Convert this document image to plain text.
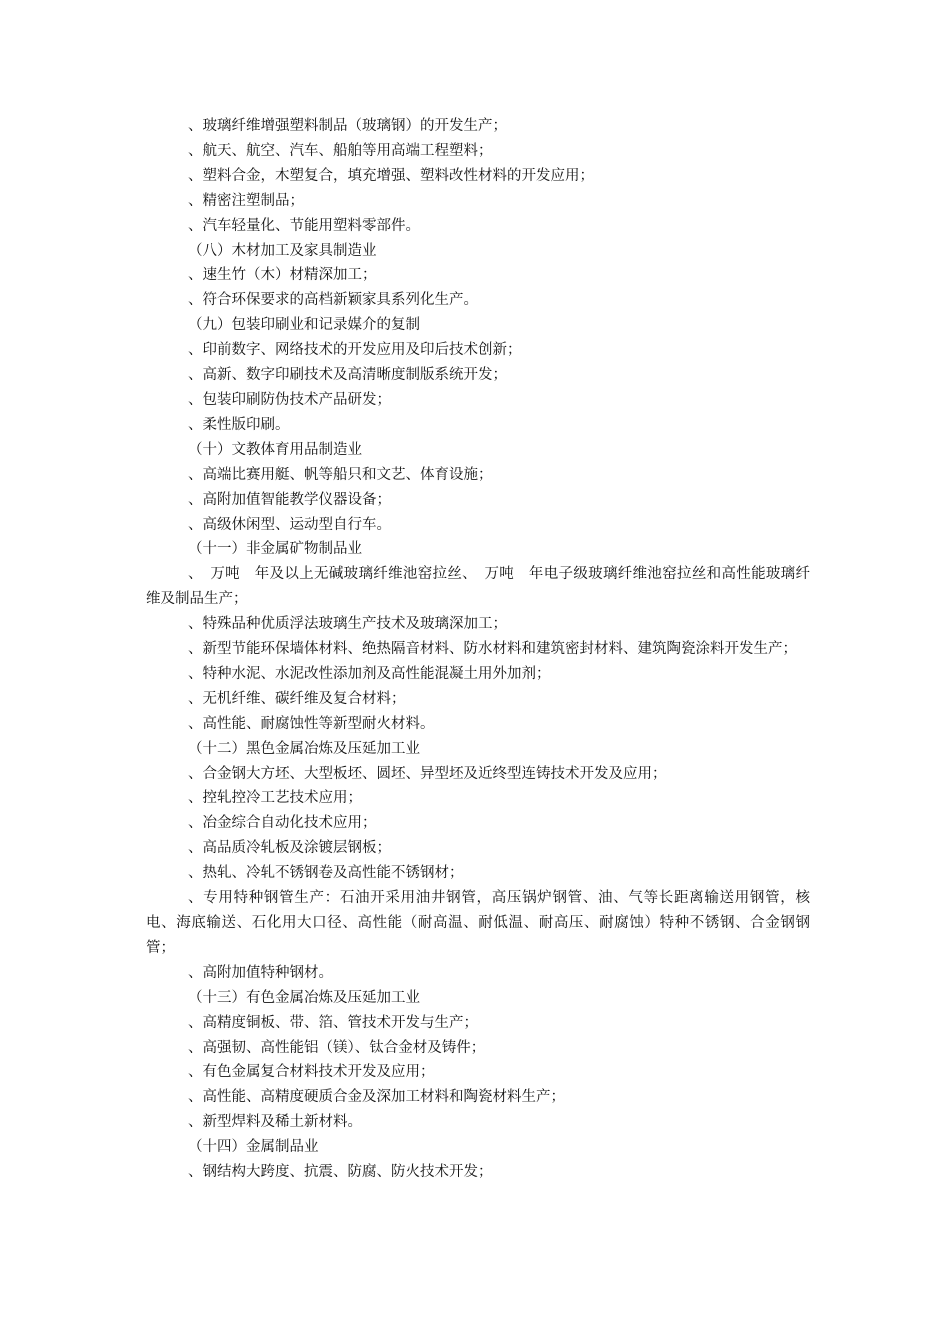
、玻璃纤维增强塑料制品（玻璃钢）的开发生产；

、航天、航空、汽车、船舶等用高端工程塑料；

、塑料合金，木塑复合，填充增强、塑料改性材料的开发应用；

、精密注塑制品；

、汽车轻量化、节能用塑料零部件。

（八）木材加工及家具制造业

、速生竹（木）材精深加工；

、符合环保要求的高档新颖家具系列化生产。

（九）包装印刷业和记录媒介的复制

、印前数字、网络技术的开发应用及印后技术创新；

、高新、数字印刷技术及高清晰度制版系统开发；

、包装印刷防伪技术产品研发；

、柔性版印刷。

（十）文教体育用品制造业

、高端比赛用艇、帆等船只和文艺、体育设施；

、高附加值智能教学仪器设备；

、高级休闲型、运动型自行车。

（十一）非金属矿物制品业

、　万吨　年及以上无碱玻璃纤维池窑拉丝、　万吨　年电子级玻璃纤维池窑拉丝和高性能玻璃纤维及制品生产；

、特殊品种优质浮法玻璃生产技术及玻璃深加工；

、新型节能环保墙体材料、绝热隔音材料、防水材料和建筑密封材料、建筑陶瓷涂料开发生产；

、特种水泥、水泥改性添加剂及高性能混凝土用外加剂；

、无机纤维、碳纤维及复合材料；

、高性能、耐腐蚀性等新型耐火材料。

（十二）黑色金属冶炼及压延加工业

、合金钢大方坯、大型板坯、圆坯、异型坯及近终型连铸技术开发及应用；

、控轧控冷工艺技术应用；

、冶金综合自动化技术应用；

、高品质冷轧板及涂镀层钢板；

、热轧、冷轧不锈钢卷及高性能不锈钢材；

、专用特种钢管生产：石油开采用油井钢管，高压锅炉钢管、油、气等长距离输送用钢管，核电、海底输送、石化用大口径、高性能（耐高温、耐低温、耐高压、耐腐蚀）特种不锈钢、合金钢钢管；

、高附加值特种钢材。

（十三）有色金属冶炼及压延加工业

、高精度铜板、带、箔、管技术开发与生产；

、高强韧、高性能铝（镁）、钛合金材及铸件；

、有色金属复合材料技术开发及应用；

、高性能、高精度硬质合金及深加工材料和陶瓷材料生产；

、新型焊料及稀土新材料。

（十四）金属制品业

、钢结构大跨度、抗震、防腐、防火技术开发；
